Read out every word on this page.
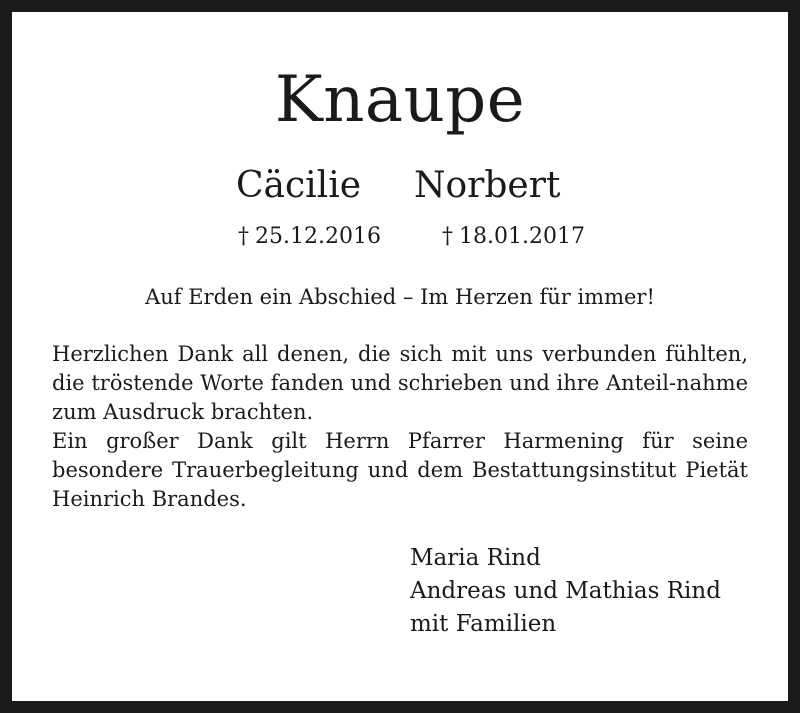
Knaupe
Cäcilie Norbert
† 25.12.2016	† 18.01.2017
Auf Erden ein Abschied – Im Herzen für immer!

Herzlichen Dank all denen, die sich mit uns verbunden fühlten, die tröstende Worte fanden und schrieben und ihre Anteil-nahme zum Ausdruck brachten.

Ein großer Dank gilt Herrn Pfarrer Harmening für seine besondere Trauerbegleitung und dem Bestattungsinstitut Pietät Heinrich Brandes.

Maria Rind
Andreas und Mathias Rind
mit Familien
